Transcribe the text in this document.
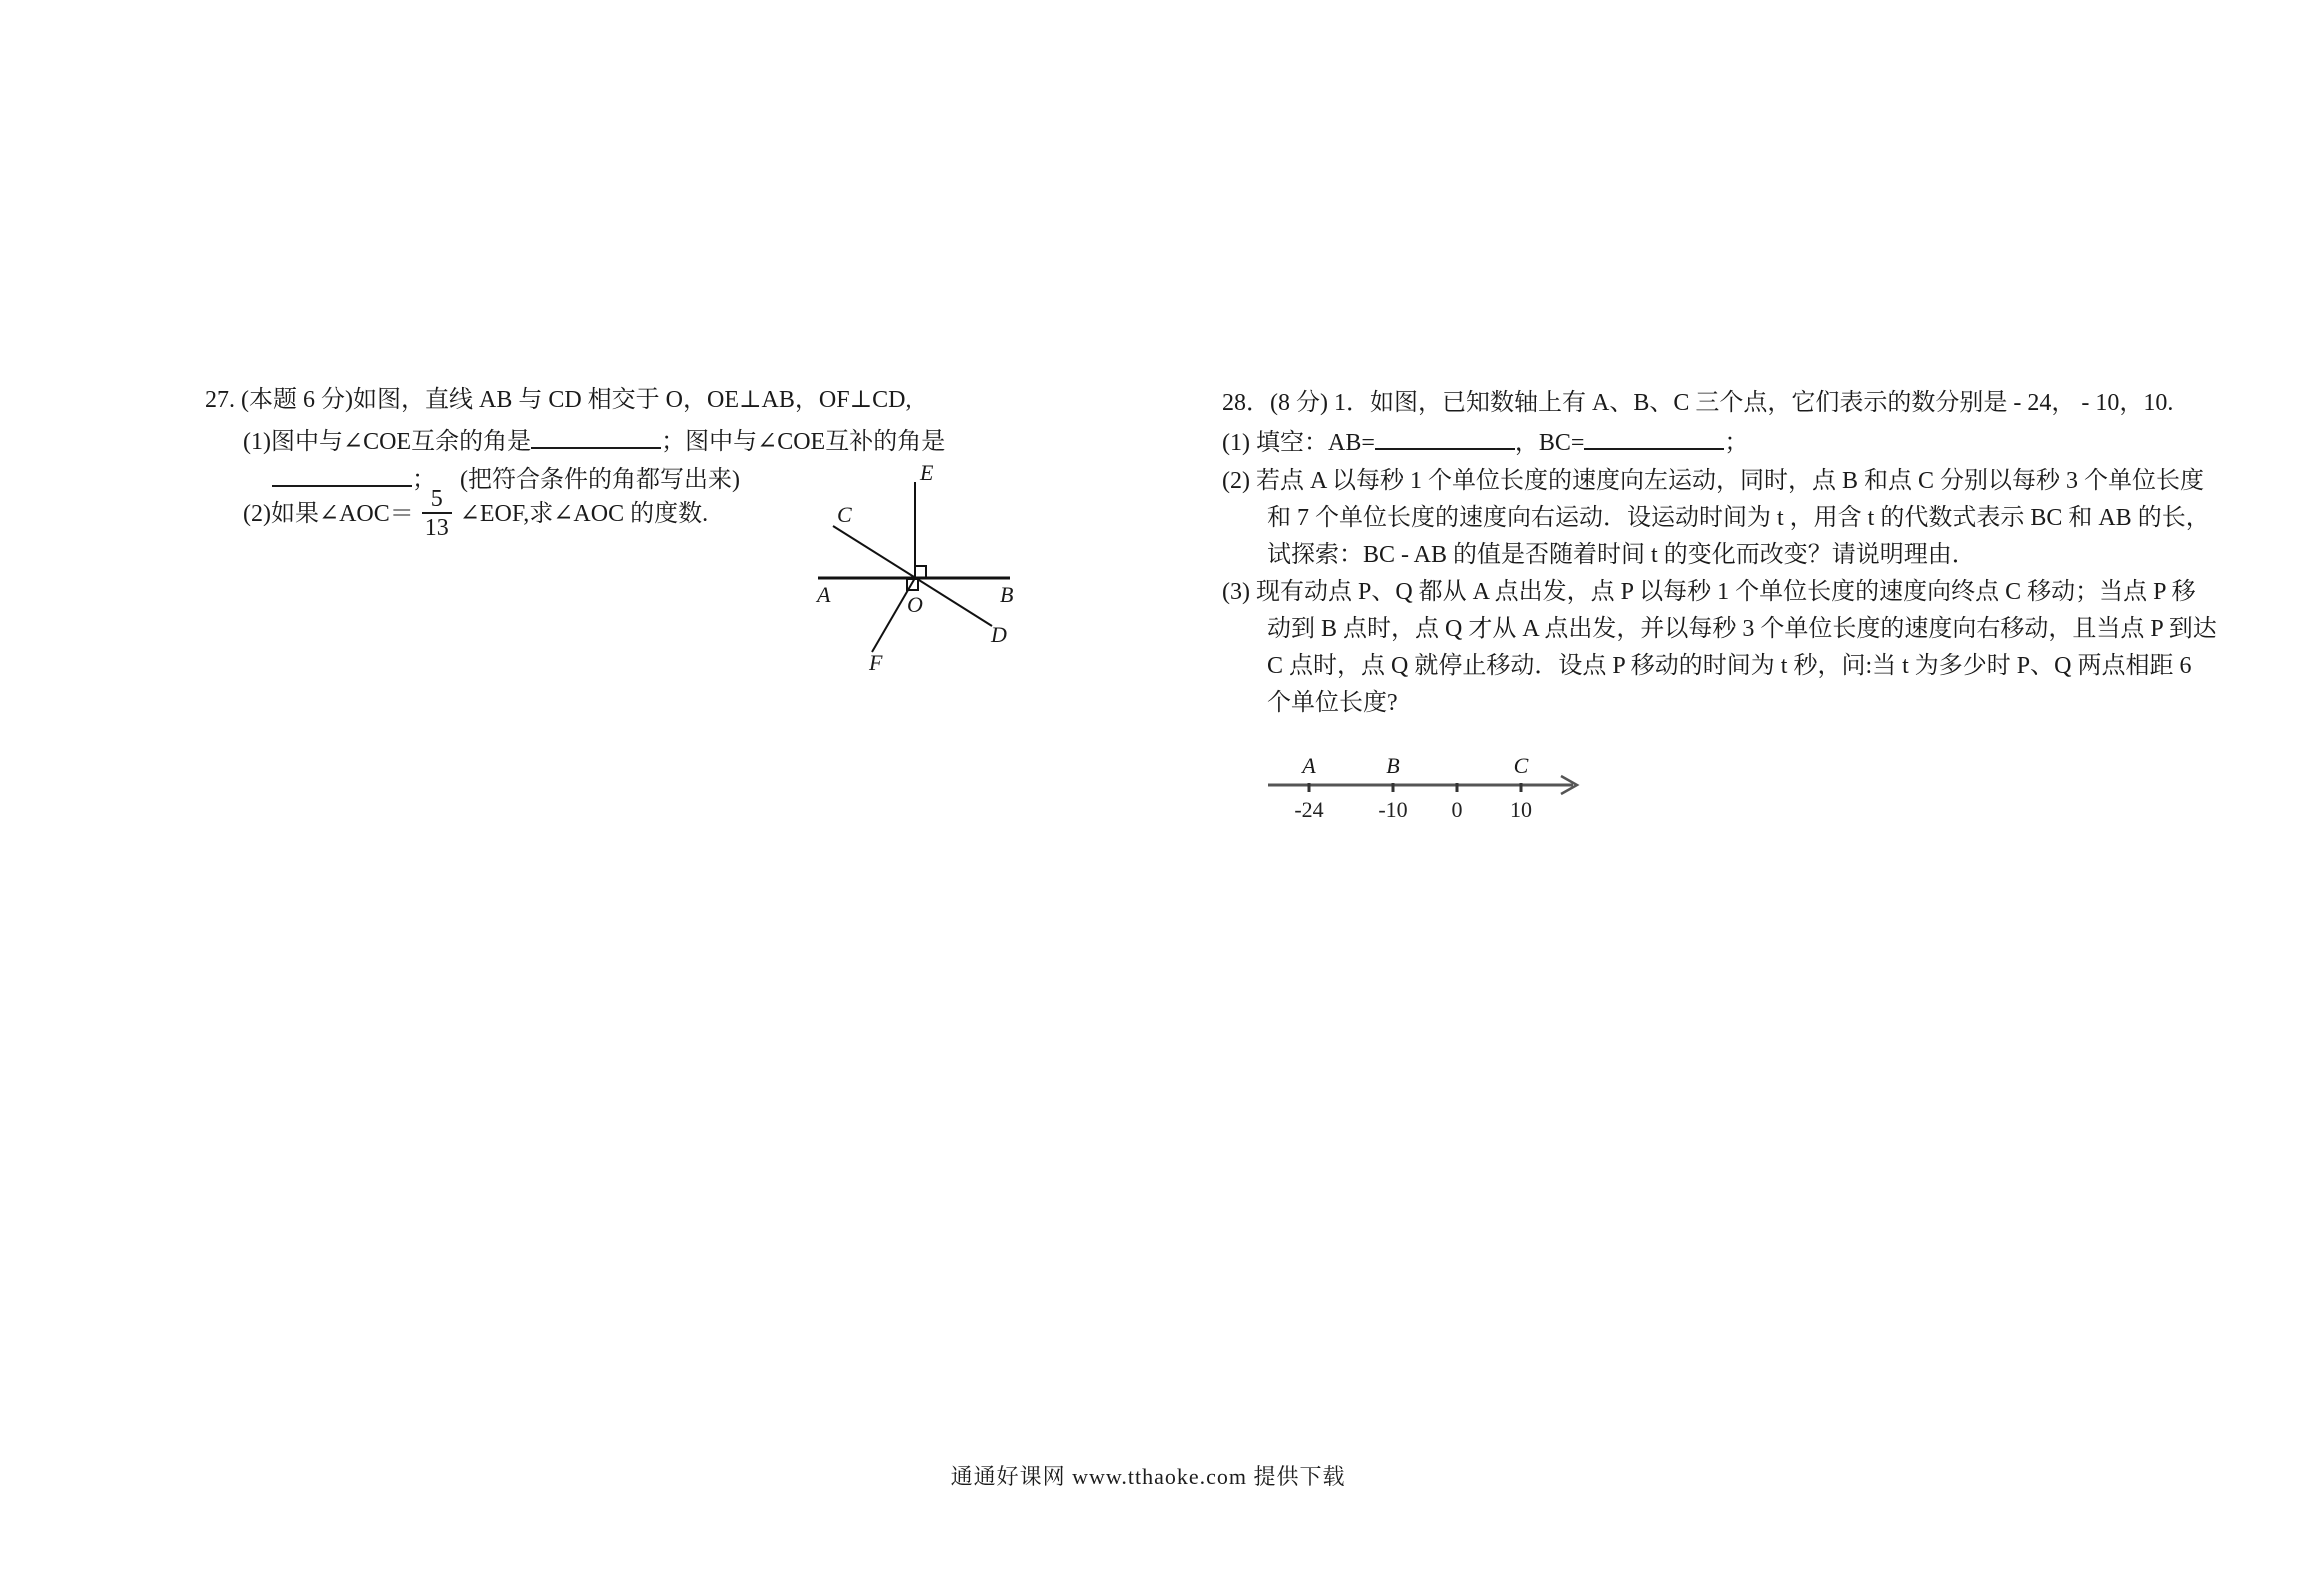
27. (本题 6 分)如图，直线 AB 与 CD 相交于 O，OE⊥AB，OF⊥CD,
(1)图中与∠COE互余的角是	；图中与∠COE互补的角是
； (把符合条件的角都写出来)
(2)如果∠AOC＝ $\frac{5}{13}$ ∠EOF,求∠AOC 的度数.
E
C
A	B
O
D
F
28．(8 分) 1．如图，已知数轴上有 A、B、C 三个点，它们表示的数分别是 - 24， - 10，10.
(1) 填空：AB=	，BC=	；
(2) 若点 A 以每秒 1 个单位长度的速度向左运动，同时，点 B 和点 C 分别以每秒 3 个单位长度
和 7 个单位长度的速度向右运动．设运动时间为 t ，用含 t 的代数式表示 BC 和 AB 的长，
试探索：BC - AB 的值是否随着时间 t 的变化而改变？请说明理由．
(3) 现有动点 P、Q 都从 A 点出发，点 P 以每秒 1 个单位长度的速度向终点 C 移动；当点 P 移
动到 B 点时，点 Q 才从 A 点出发，并以每秒 3 个单位长度的速度向右移动，且当点 P 到达
C 点时，点 Q 就停止移动．设点 P 移动的时间为 t 秒，问:当 t 为多少时 P、Q 两点相距 6
个单位长度?
A	B	C
-24 -10 0 10
通通好课网 www.tthaoke.com 提供下载
